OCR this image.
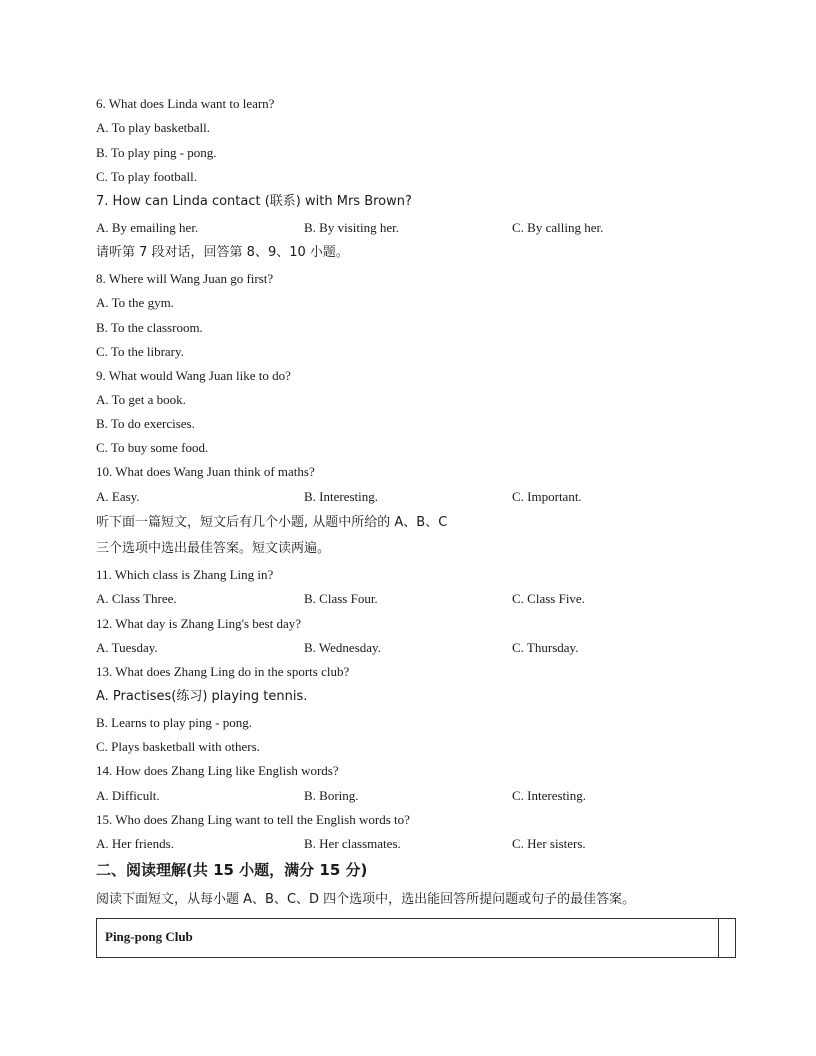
6. What does Linda want to learn?
A. To play basketball.
B. To play ping - pong.
C. To play football.
7. How can Linda contact (联系) with Mrs Brown?
A. By emailing her.	B. By visiting her.	C. By calling her.
请听第 7 段对话，回答第 8、9、10 小题。
8. Where will Wang Juan go first?
A. To the gym.
B. To the classroom.
C. To the library.
9. What would Wang Juan like to do?
A. To get a book.
B. To do exercises.
C. To buy some food.
10. What does Wang Juan think of maths?
A. Easy.	B. Interesting.	C. Important.
听下面一篇短文，短文后有几个小题, 从题中所给的 A、B、C
三个选项中选出最佳答案。短文读两遍。
11. Which class is Zhang Ling in?
A. Class Three.	B. Class Four.	C. Class Five.
12. What day is Zhang Ling's best day?
A. Tuesday.	B. Wednesday.	C. Thursday.
13. What does Zhang Ling do in the sports club?
A. Practises(练习) playing tennis.
B. Learns to play ping - pong.
C. Plays basketball with others.
14. How does Zhang Ling like English words?
A. Difficult.	B. Boring.	C. Interesting.
15. Who does Zhang Ling want to tell the English words to?
A. Her friends.	B. Her classmates.	C. Her sisters.
二、阅读理解(共 15 小题，满分 15 分)
阅读下面短文，从每小题 A、B、C、D 四个选项中，选出能回答所提问题或句子的最佳答案。
Ping-pong Club
